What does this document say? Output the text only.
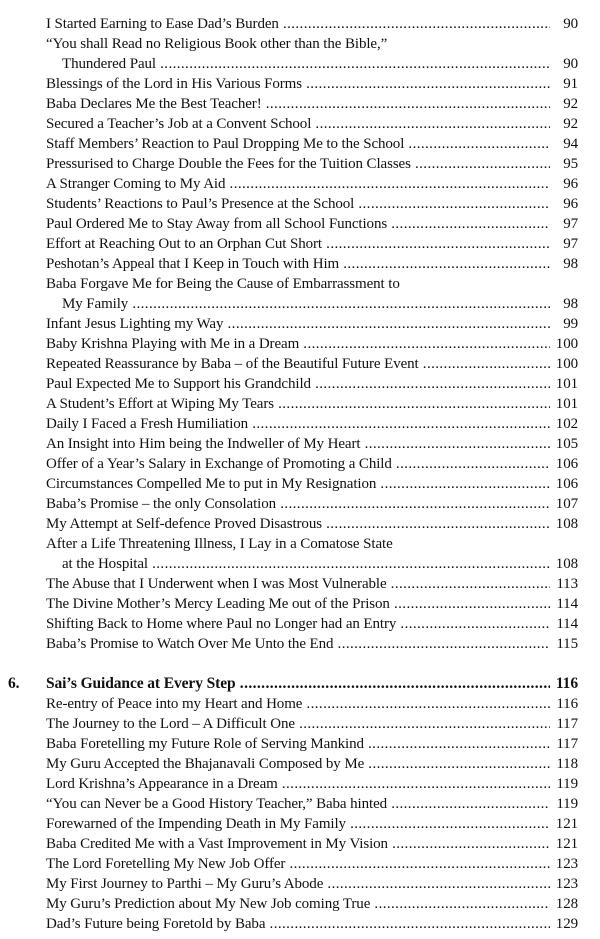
I Started Earning to Ease Dad’s Burden .....	90
“You shall Read no Religious Book other than the Bible,”
Thundered Paul .....	90
Blessings of the Lord in His Various Forms .....	91
Baba Declares Me the Best Teacher! .....	92
Secured a Teacher’s Job at a Convent School .....	92
Staff Members’ Reaction to Paul Dropping Me to the School .....	94
Pressurised to Charge Double the Fees for the Tuition Classes .....	95
A Stranger Coming to My Aid .....	96
Students’ Reactions to Paul’s Presence at the School .....	96
Paul Ordered Me to Stay Away from all School Functions .....	97
Effort at Reaching Out to an Orphan Cut Short .....	97
Peshotan’s Appeal that I Keep in Touch with Him .....	98
Baba Forgave Me for Being the Cause of Embarrassment to
My Family .....	98
Infant Jesus Lighting my Way .....	99
Baby Krishna Playing with Me in a Dream .....	100
Repeated Reassurance by Baba – of the Beautiful Future Event .....	100
Paul Expected Me to Support his Grandchild .....	101
A Student’s Effort at Wiping My Tears .....	101
Daily I Faced a Fresh Humiliation .....	102
An Insight into Him being the Indweller of My Heart .....	105
Offer of a Year’s Salary in Exchange of Promoting a Child .....	106
Circumstances Compelled Me to put in My Resignation .....	106
Baba’s Promise – the only Consolation .....	107
My Attempt at Self-defence Proved Disastrous .....	108
After a Life Threatening Illness, I Lay in a Comatose State
at the Hospital .....	108
The Abuse that I Underwent when I was Most Vulnerable .....	113
The Divine Mother’s Mercy Leading Me out of the Prison .....	114
Shifting Back to Home where Paul no Longer had an Entry .....	114
Baba’s Promise to Watch Over Me Unto the End .....	115
6. Sai’s Guidance at Every Step .....	116
Re-entry of Peace into my Heart and Home .....	116
The Journey to the Lord – A Difficult One .....	117
Baba Foretelling my Future Role of Serving Mankind .....	117
My Guru Accepted the Bhajanavali Composed by Me .....	118
Lord Krishna’s Appearance in a Dream .....	119
“You can Never be a Good History Teacher,” Baba hinted .....	119
Forewarned of the Impending Death in My Family .....	121
Baba Credited Me with a Vast Improvement in My Vision .....	121
The Lord Foretelling My New Job Offer .....	123
My First Journey to Parthi – My Guru’s Abode .....	123
My Guru’s Prediction about My New Job coming True .....	128
Dad’s Future being Foretold by Baba .....	129
